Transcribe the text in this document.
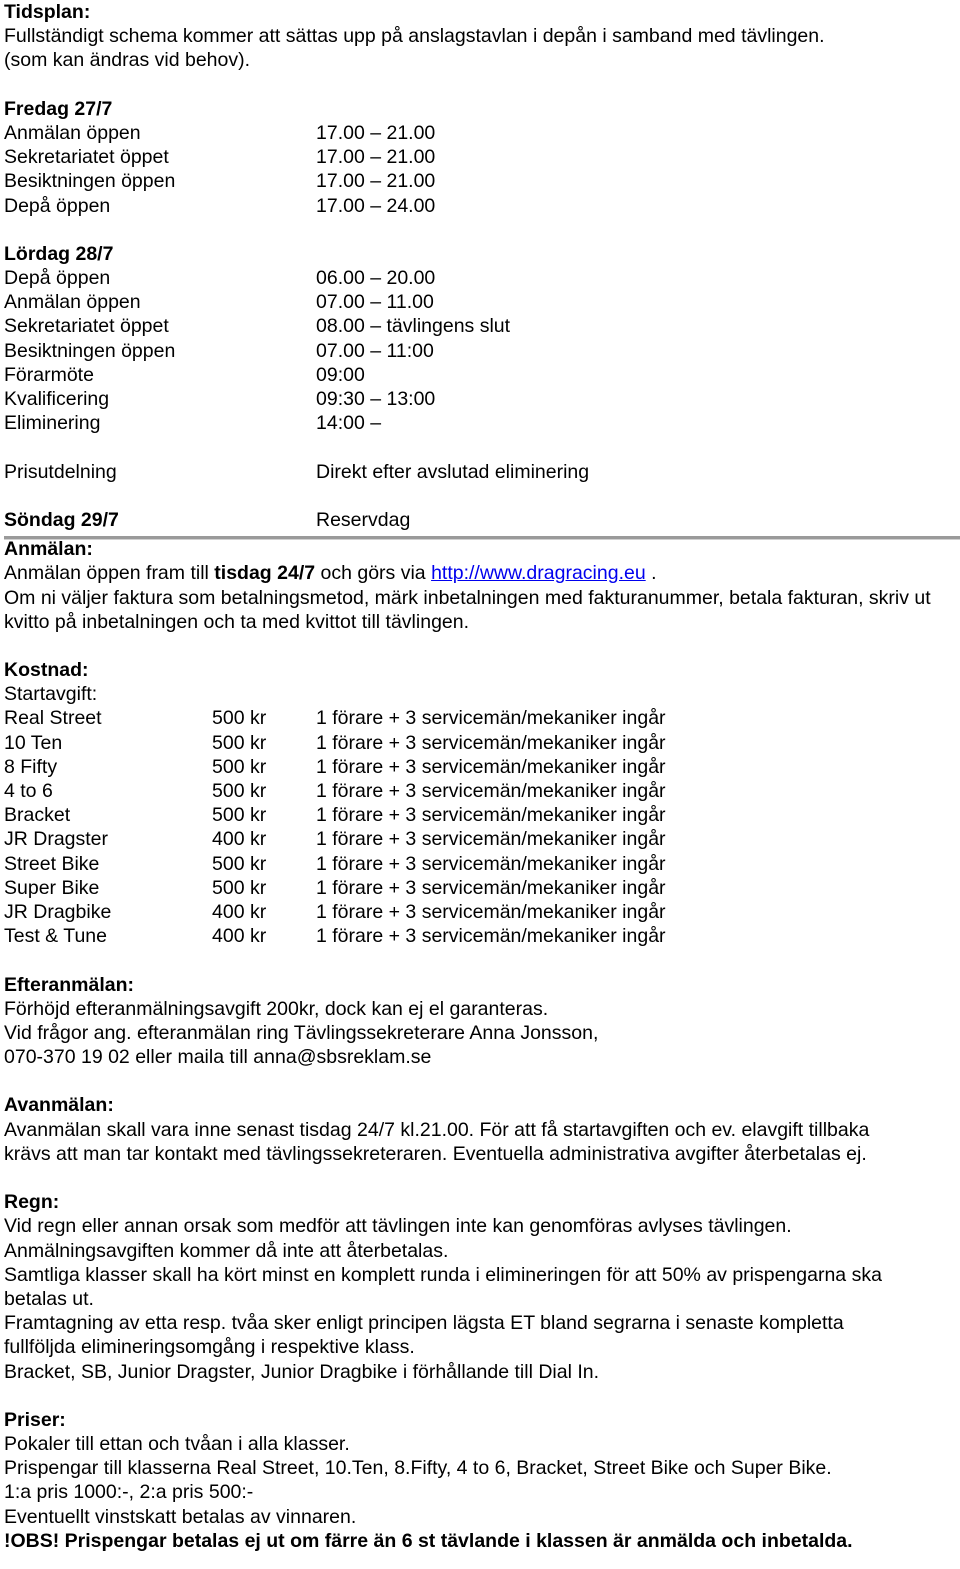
Tidsplan:
Fullständigt schema kommer att sättas upp på anslagstavlan i depån i samband med tävlingen.
(som kan ändras vid behov).
Fredag 27/7
Anmälan öppen	17.00 – 21.00
Sekretariatet öppet	17.00 – 21.00
Besiktningen öppen	17.00 – 21.00
Depå öppen	17.00 – 24.00
Lördag 28/7
Depå öppen	06.00 – 20.00
Anmälan öppen	07.00 – 11.00
Sekretariatet öppet	08.00 – tävlingens slut
Besiktningen öppen	07.00 – 11:00
Förarmöte	09:00
Kvalificering	09:30 – 13:00
Eliminering	14:00 –
Prisutdelning	Direkt efter avslutad eliminering
Söndag 29/7	Reservdag
Anmälan:
Anmälan öppen fram till tisdag 24/7 och görs via http://www.dragracing.eu .
Om ni väljer faktura som betalningsmetod, märk inbetalningen med fakturanummer, betala fakturan, skriv ut kvitto på inbetalningen och ta med kvittot till tävlingen.
Kostnad:
Startavgift:
Real Street	500 kr	1 förare + 3 servicemän/mekaniker ingår
10 Ten	500 kr	1 förare + 3 servicemän/mekaniker ingår
8 Fifty	500 kr	1 förare + 3 servicemän/mekaniker ingår
4 to 6	500 kr	1 förare + 3 servicemän/mekaniker ingår
Bracket	500 kr	1 förare + 3 servicemän/mekaniker ingår
JR Dragster	400 kr	1 förare + 3 servicemän/mekaniker ingår
Street Bike	500 kr	1 förare + 3 servicemän/mekaniker ingår
Super Bike	500 kr	1 förare + 3 servicemän/mekaniker ingår
JR Dragbike	400 kr	1 förare + 3 servicemän/mekaniker ingår
Test & Tune	400 kr	1 förare + 3 servicemän/mekaniker ingår
Efteranmälan:
Förhöjd efteranmälningsavgift 200kr, dock kan ej el garanteras.
Vid frågor ang. efteranmälan ring Tävlingssekreterare Anna Jonsson,
070-370 19 02 eller maila till anna@sbsreklam.se
Avanmälan:
Avanmälan skall vara inne senast tisdag 24/7 kl.21.00. För att få startavgiften och ev. elavgift tillbaka
krävs att man tar kontakt med tävlingssekreteraren. Eventuella administrativa avgifter återbetalas ej.
Regn:
Vid regn eller annan orsak som medför att tävlingen inte kan genomföras avlyses tävlingen.
Anmälningsavgiften kommer då inte att återbetalas.
Samtliga klasser skall ha kört minst en komplett runda i elimineringen för att 50% av prispengarna ska
betalas ut.
Framtagning av etta resp. tvåa sker enligt principen lägsta ET bland segrarna i senaste kompletta
fullföljda elimineringsomgång i respektive klass.
Bracket, SB, Junior Dragster, Junior Dragbike i förhållande till Dial In.
Priser:
Pokaler till ettan och tvåan i alla klasser.
Prispengar till klasserna Real Street, 10.Ten, 8.Fifty, 4 to 6, Bracket, Street Bike och Super Bike.
1:a pris 1000:-, 2:a pris 500:-
Eventuellt vinstskatt betalas av vinnaren.
!OBS! Prispengar betalas ej ut om färre än 6 st tävlande i klassen är anmälda och inbetalda.
